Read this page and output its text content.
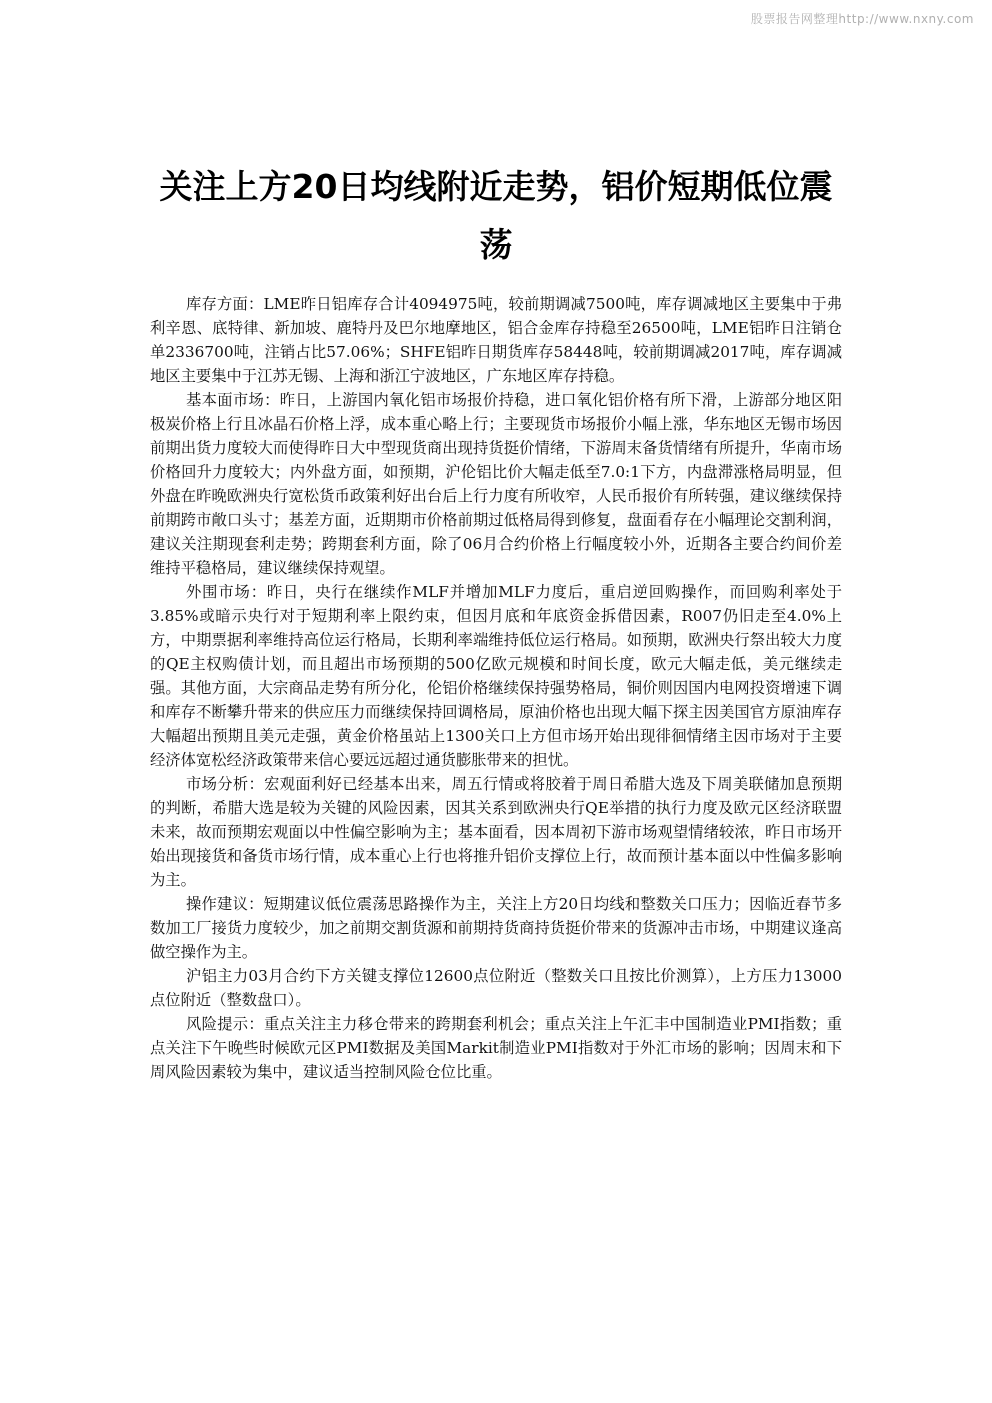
股票报告网整理http://www.nxny.com
关注上方20日均线附近走势，铝价短期低位震荡

库存方面：LME昨日铝库存合计4094975吨，较前期调减7500吨，库存调减地区主要集中于弗利辛恩、底特律、新加坡、鹿特丹及巴尔地摩地区，铝合金库存持稳至26500吨，LME铝昨日注销仓单2336700吨，注销占比57.06%；SHFE铝昨日期货库存58448吨，较前期调减2017吨，库存调减地区主要集中于江苏无锡、上海和浙江宁波地区，广东地区库存持稳。

基本面市场：昨日，上游国内氧化铝市场报价持稳，进口氧化铝价格有所下滑，上游部分地区阳极炭价格上行且冰晶石价格上浮，成本重心略上行；主要现货市场报价小幅上涨，华东地区无锡市场因前期出货力度较大而使得昨日大中型现货商出现持货挺价情绪，下游周末备货情绪有所提升，华南市场价格回升力度较大；内外盘方面，如预期，沪伦铝比价大幅走低至7.0:1下方，内盘滞涨格局明显，但外盘在昨晚欧洲央行宽松货币政策利好出台后上行力度有所收窄，人民币报价有所转强，建议继续保持前期跨市敞口头寸；基差方面，近期期市价格前期过低格局得到修复，盘面看存在小幅理论交割利润，建议关注期现套利走势；跨期套利方面，除了06月合约价格上行幅度较小外，近期各主要合约间价差维持平稳格局，建议继续保持观望。

外围市场：昨日，央行在继续作MLF并增加MLF力度后，重启逆回购操作，而回购利率处于3.85%或暗示央行对于短期利率上限约束，但因月底和年底资金拆借因素，R007仍旧走至4.0%上方，中期票据利率维持高位运行格局，长期利率端维持低位运行格局。如预期，欧洲央行祭出较大力度的QE主权购债计划，而且超出市场预期的500亿欧元规模和时间长度，欧元大幅走低，美元继续走强。其他方面，大宗商品走势有所分化，伦铝价格继续保持强势格局，铜价则因国内电网投资增速下调和库存不断攀升带来的供应压力而继续保持回调格局，原油价格也出现大幅下探主因美国官方原油库存大幅超出预期且美元走强，黄金价格虽站上1300关口上方但市场开始出现徘徊情绪主因市场对于主要经济体宽松经济政策带来信心要远远超过通货膨胀带来的担忧。

市场分析：宏观面利好已经基本出来，周五行情或将胶着于周日希腊大选及下周美联储加息预期的判断，希腊大选是较为关键的风险因素，因其关系到欧洲央行QE举措的执行力度及欧元区经济联盟未来，故而预期宏观面以中性偏空影响为主；基本面看，因本周初下游市场观望情绪较浓，昨日市场开始出现接货和备货市场行情，成本重心上行也将推升铝价支撑位上行，故而预计基本面以中性偏多影响为主。

操作建议：短期建议低位震荡思路操作为主，关注上方20日均线和整数关口压力；因临近春节多数加工厂接货力度较少，加之前期交割货源和前期持货商持货挺价带来的货源冲击市场，中期建议逢高做空操作为主。

沪铝主力03月合约下方关键支撑位12600点位附近（整数关口且按比价测算），上方压力13000点位附近（整数盘口）。

风险提示：重点关注主力移仓带来的跨期套利机会；重点关注上午汇丰中国制造业PMI指数；重点关注下午晚些时候欧元区PMI数据及美国Markit制造业PMI指数对于外汇市场的影响；因周末和下周风险因素较为集中，建议适当控制风险仓位比重。
